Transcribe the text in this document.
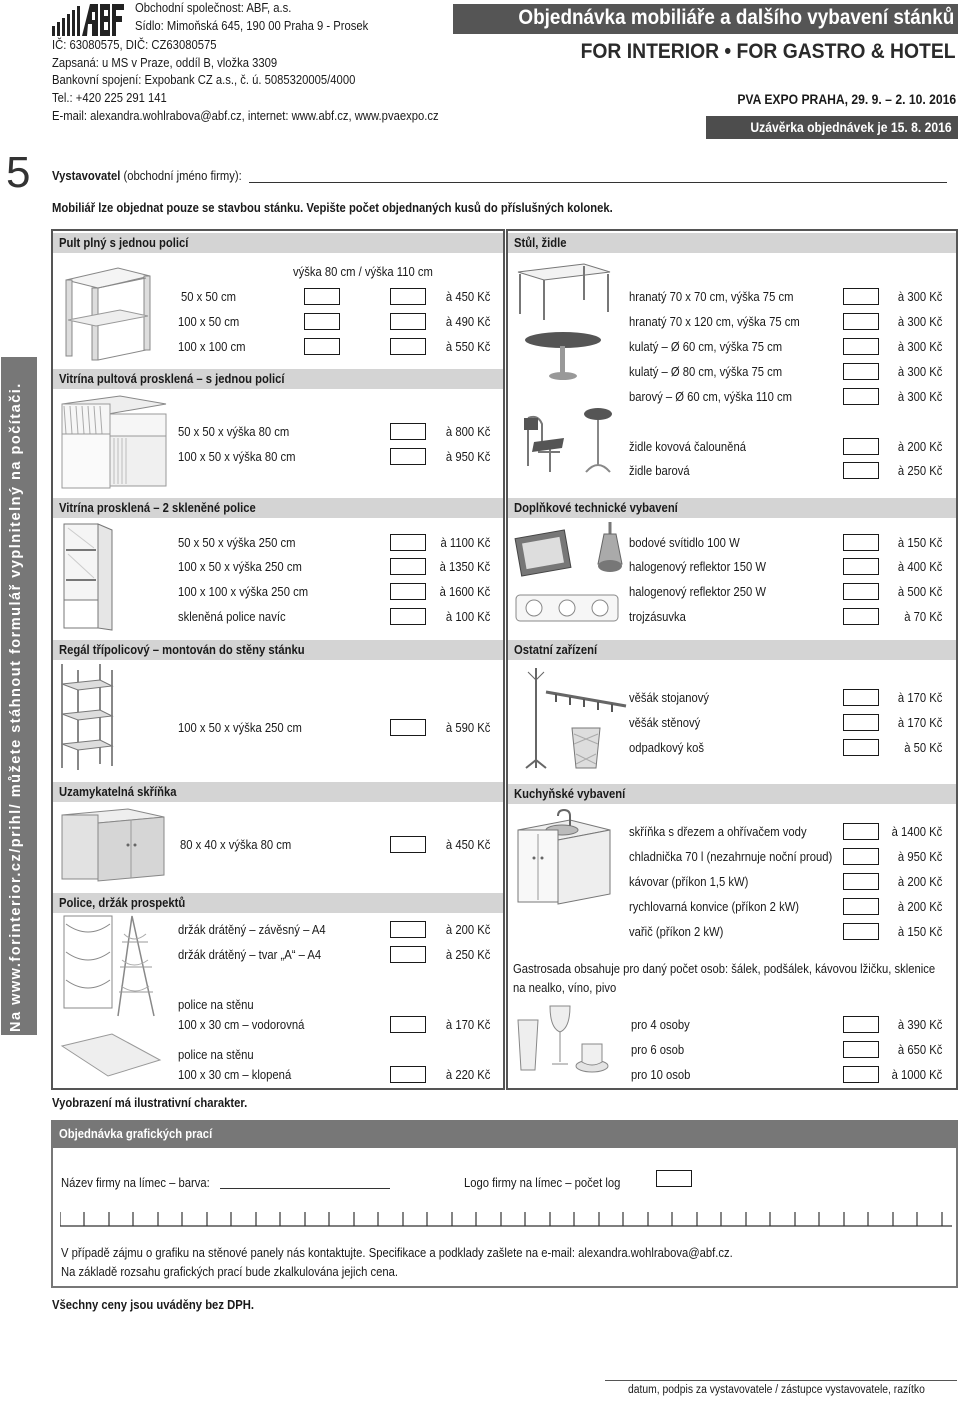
Obchodní společnost: ABF, a.s.
Sídlo: Mimoňská 645, 190 00 Praha 9 - Prosek
IČ: 63080575, DIČ: CZ63080575
Zapsaná: u MS v Praze, oddíl B, vložka 3309
Bankovní spojení: Expobank CZ a.s., č. ú. 5085320005/4000
Tel.: +420 225 291 141
E-mail: alexandra.wohlrabova@abf.cz, internet: www.abf.cz, www.pvaexpo.cz
Objednávka mobiliáře a dalšího vybavení stánků
FOR INTERIOR • FOR GASTRO & HOTEL
PVA EXPO PRAHA, 29. 9. – 2. 10. 2016
Uzávěrka objednávek je 15. 8. 2016
5 Vystavovatel (obchodní jméno firmy):
Mobiliář lze objednat pouze se stavbou stánku. Vepište počet objednaných kusů do příslušných kolonek.
Na www.forinterior.cz/prihl/ můžete stáhnout formulář vyplnitelný na počítači.
Pult plný s jednou policí
Vitrína pultová prosklená – s jednou policí
Vitrína prosklená – 2 skleněné police
Regál třípolicový – montován do stěny stánku
Uzamykatelná skříňka
Police, držák prospektů
Stůl, židle
Doplňkové technické vybavení
Ostatní zařízení
Kuchyňské vybavení
výška 80 cm / výška 110 cm
50 x 50 cm	à 450 Kč
100 x 50 cm	à 490 Kč
100 x 100 cm	à 550 Kč
50 x 50 x výška 80 cm	à 800 Kč
100 x 50 x výška 80 cm	à 950 Kč
50 x 50 x výška 250 cm	à 1100 Kč
100 x 50 x výška 250 cm	à 1350 Kč
100 x 100 x výška 250 cm	à 1600 Kč
skleněná police navíc	à 100 Kč
100 x 50 x výška 250 cm	à 590 Kč
80 x 40 x výška 80 cm	à 450 Kč
držák drátěný – závěsný – A4	à 200 Kč
držák drátěný – tvar „A“ – A4	à 250 Kč
police na stěnu
100 x 30 cm – vodorovná	à 170 Kč
police na stěnu
100 x 30 cm – klopená	à 220 Kč
hranatý 70 x 70 cm, výška 75 cm	à 300 Kč
hranatý 70 x 120 cm, výška 75 cm	à 300 Kč
kulatý – Ø 60 cm, výška 75 cm	à 300 Kč
kulatý – Ø 80 cm, výška 75 cm	à 300 Kč
barový – Ø 60 cm, výška 110 cm	à 300 Kč
židle kovová čalouněná	à 200 Kč
židle barová	à 250 Kč
bodové svítidlo 100 W	à 150 Kč
halogenový reflektor 150 W	à 400 Kč
halogenový reflektor 250 W	à 500 Kč
trojzásuvka	à 70 Kč
věšák stojanový	à 170 Kč
věšák stěnový	à 170 Kč
odpadkový koš	à 50 Kč
skříňka s dřezem a ohřívačem vody	à 1400 Kč
chladnička 70 l (nezahrnuje noční proud)	à 950 Kč
kávovar (příkon 1,5 kW)	à 200 Kč
rychlovarná konvice (příkon 2 kW)	à 200 Kč
vařič (příkon 2 kW)	à 150 Kč
Gastrosada obsahuje pro daný počet osob: šálek, podšálek, kávovou lžičku, sklenice na nealko, víno, pivo
pro 4 osoby	à 390 Kč
pro 6 osob	à 650 Kč
pro 10 osob	à 1000 Kč
Vyobrazení má ilustrativní charakter.
Objednávka grafických prací
Název firmy na límec – barva:	Logo firmy na límec – počet log
V případě zájmu o grafiku na stěnové panely nás kontaktujte. Specifikace a podklady zašlete na e-mail: alexandra.wohlrabova@abf.cz.
Na základě rozsahu grafických prací bude zkalkulována jejich cena.
Všechny ceny jsou uváděny bez DPH.
datum, podpis za vystavovatele / zástupce vystavovatele, razítko
